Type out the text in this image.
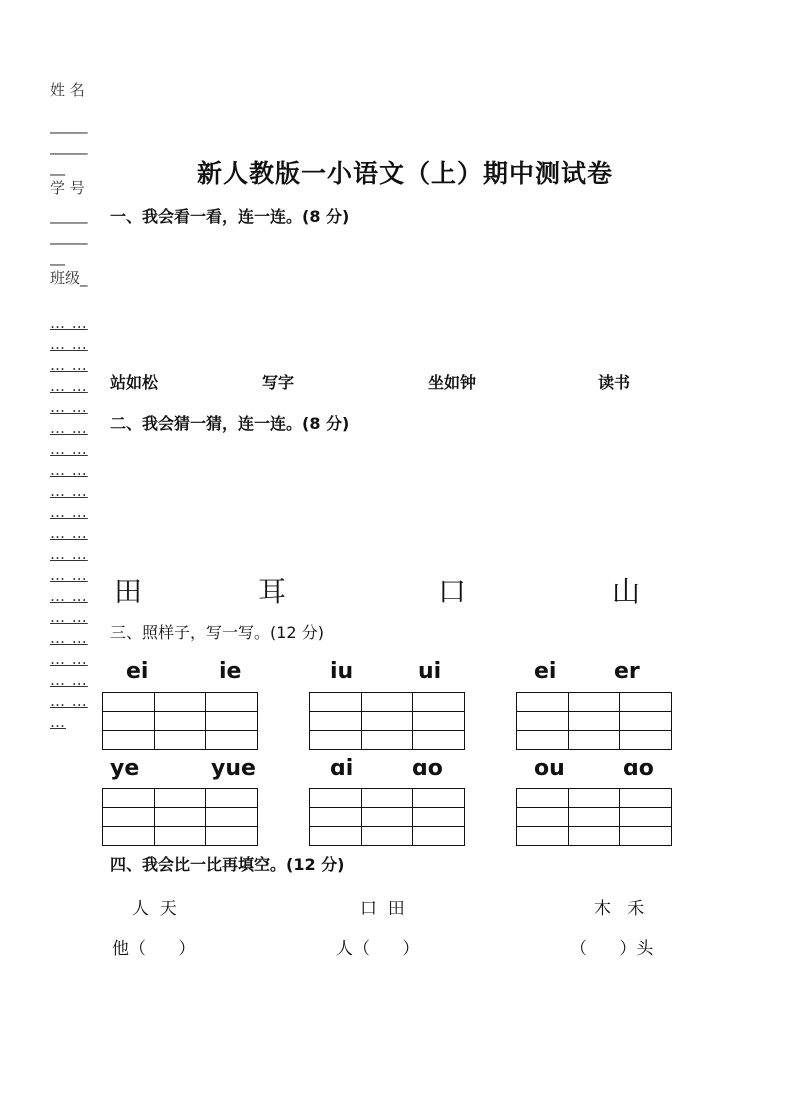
姓 名
_____
_____
__
学 号
_____
_____
__
班级_
… …
… …
… …
… …
… …
… …
… …
… …
… …
… …
… …
… …
… …
… …
… …
… …
… …
… …
… …
…
新人教版一小语文（上）期中测试卷
一、我会看一看，连一连。(8 分)
站如松	写字	坐如钟	读书
二、我会猜一猜，连一连。(8 分)
田	耳	口	山
三、照样子，写一写。(12 分)
ei	ie	iu	ui	ei	er

ye	yue	ɑi	ɑo	ou	ɑo

四、我会比一比再填空。(12 分)
人  天	口  田	木   禾
他（      ）	人（      ）	（      ）头
